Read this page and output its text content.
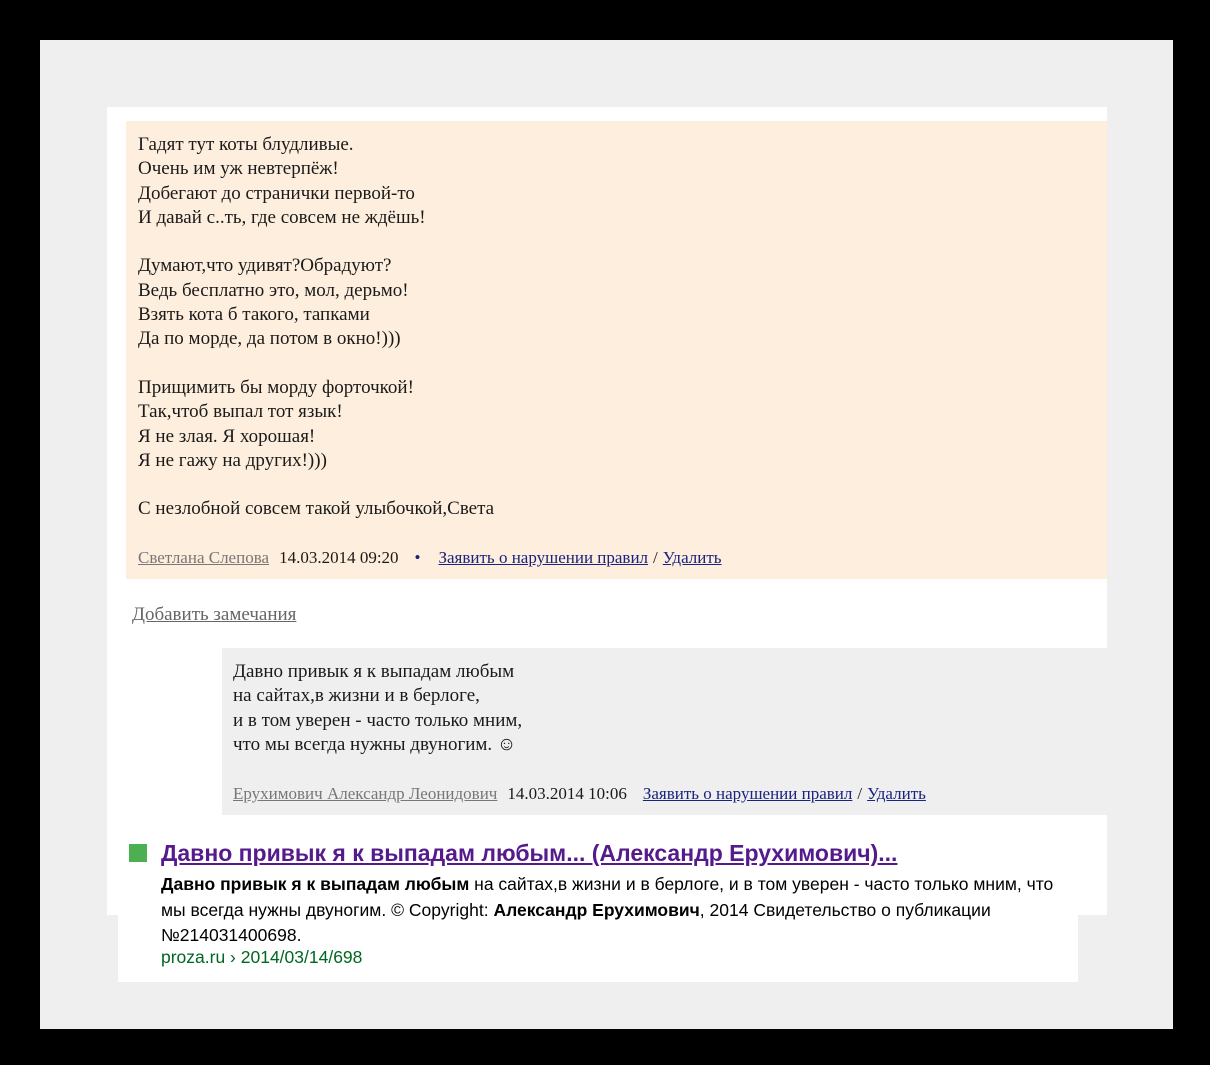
Гадят тут коты блудливые.
Очень им уж невтерпёж!
Добегают до странички первой-то
И давай с..ть, где совсем не ждёшь!
Думают,что удивят?Обрадуют?
Ведь бесплатно это, мол, дерьмо!
Взять кота б такого, тапками
Да по морде, да потом в окно!)))
Прищимить бы морду форточкой!
Так,чтоб выпал тот язык!
Я не злая. Я хорошая!
Я не гажу на других!)))
С незлобной совсем такой улыбочкой,Света
Светлана Слепова 14.03.2014 09:20 • Заявить о нарушении правил / Удалить
Добавить замечания
Давно привык я к выпадам любым
на сайтах,в жизни и в берлоге,
и в том уверен - часто только мним,
что мы всегда нужны двуногим. ☺
Ерухимович Александр Леонидович 14.03.2014 10:06 Заявить о нарушении правил / Удалить
Давно привык я к выпадам любым... (Александр Ерухимович)...
Давно привык я к выпадам любым на сайтах,в жизни и в берлоге, и в том уверен - часто только мним, что мы всегда нужны двуногим. © Copyright: Александр Ерухимович, 2014 Свидетельство о публикации №214031400698.
proza.ru › 2014/03/14/698
